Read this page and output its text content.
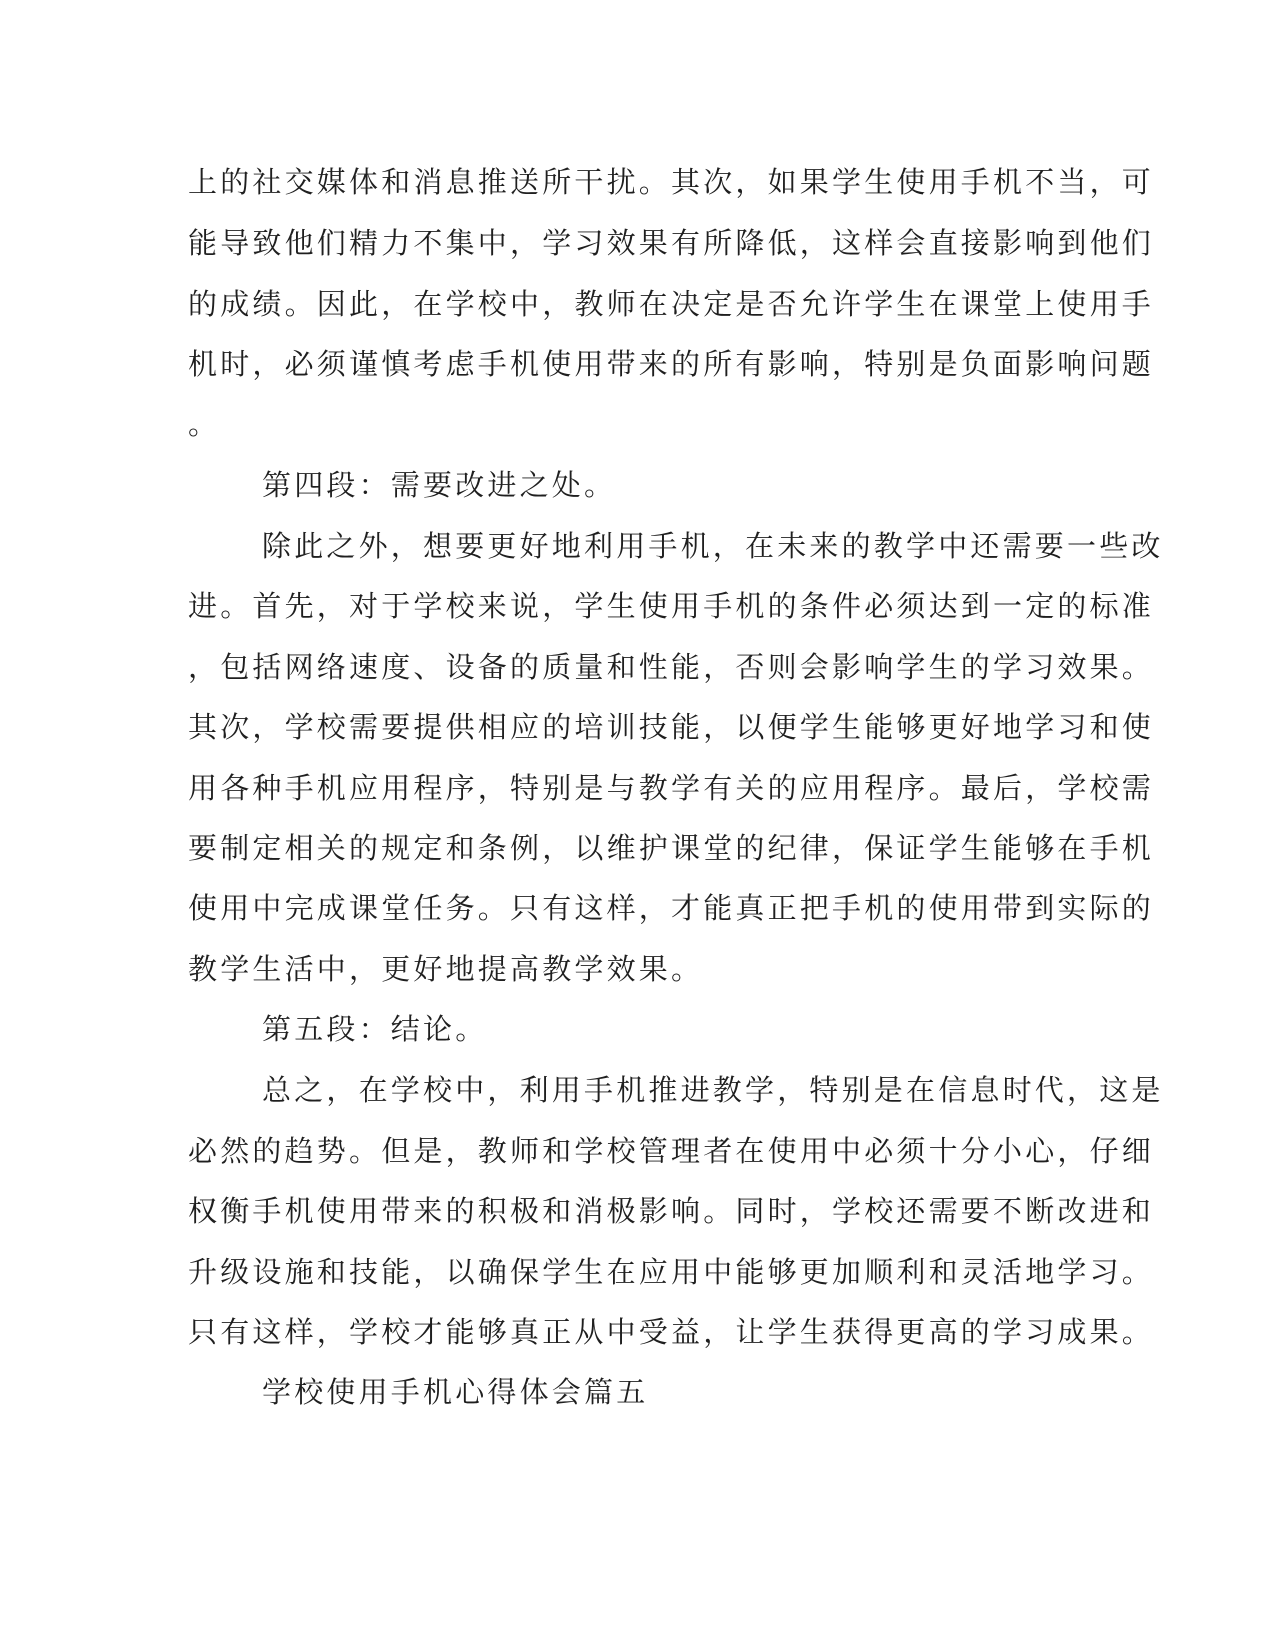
上的社交媒体和消息推送所干扰。其次，如果学生使用手机不当，可
能导致他们精力不集中，学习效果有所降低，这样会直接影响到他们
的成绩。因此，在学校中，教师在决定是否允许学生在课堂上使用手
机时，必须谨慎考虑手机使用带来的所有影响，特别是负面影响问题
。
第四段：需要改进之处。
除此之外，想要更好地利用手机，在未来的教学中还需要一些改
进。首先，对于学校来说，学生使用手机的条件必须达到一定的标准
，包括网络速度、设备的质量和性能，否则会影响学生的学习效果。
其次，学校需要提供相应的培训技能，以便学生能够更好地学习和使
用各种手机应用程序，特别是与教学有关的应用程序。最后，学校需
要制定相关的规定和条例，以维护课堂的纪律，保证学生能够在手机
使用中完成课堂任务。只有这样，才能真正把手机的使用带到实际的
教学生活中，更好地提高教学效果。
第五段：结论。
总之，在学校中，利用手机推进教学，特别是在信息时代，这是
必然的趋势。但是，教师和学校管理者在使用中必须十分小心，仔细
权衡手机使用带来的积极和消极影响。同时，学校还需要不断改进和
升级设施和技能，以确保学生在应用中能够更加顺利和灵活地学习。
只有这样，学校才能够真正从中受益，让学生获得更高的学习成果。
学校使用手机心得体会篇五
